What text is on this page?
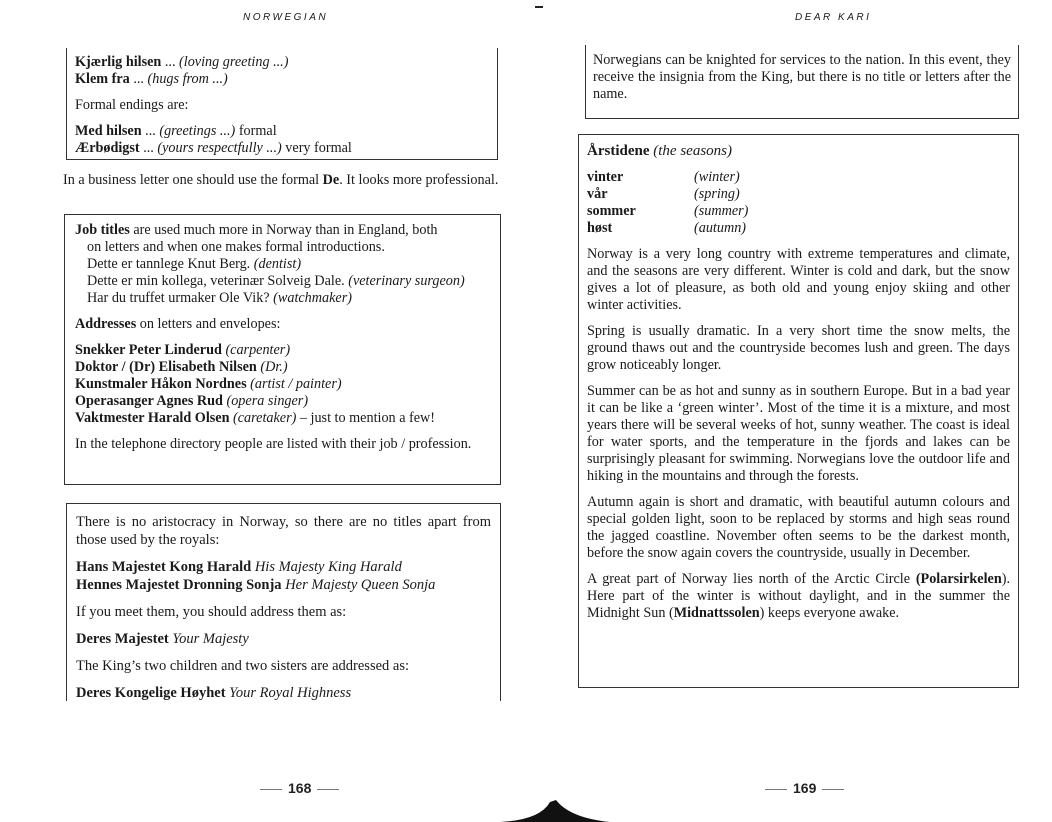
NORWEGIAN

Kjærlig hilsen ... (loving greeting ...)

Klem fra ... (hugs from ...)

Formal endings are:

Med hilsen ... (greetings ...) formal

Ærbødigst ... (yours respectfully ...) very formal

In a business letter one should use the formal De. It looks more professional.

Job titles are used much more in Norway than in England, both

on letters and when one makes formal introductions.

Dette er tannlege Knut Berg. (dentist)

Dette er min kollega, veterinær Solveig Dale. (veterinary surgeon)

Har du truffet urmaker Ole Vik? (watchmaker)

Addresses on letters and envelopes:

Snekker Peter Linderud (carpenter)

Doktor / (Dr) Elisabeth Nilsen (Dr.)

Kunstmaler Håkon Nordnes (artist / painter)

Operasanger Agnes Rud (opera singer)

Vaktmester Harald Olsen (caretaker) – just to mention a few!

In the telephone directory people are listed with their job / profession.

There is no aristocracy in Norway, so there are no titles apart from those used by the royals:

Hans Majestet Kong Harald His Majesty King Harald

Hennes Majestet Dronning Sonja Her Majesty Queen Sonja

If you meet them, you should address them as:

Deres Majestet Your Majesty

The King’s two children and two sisters are addressed as:

Deres Kongelige Høyhet Your Royal Highness

168
DEAR KARI

Norwegians can be knighted for services to the nation. In this event, they receive the insignia from the King, but there is no title or letters after the name.

Årstidene (the seasons)

vinter	(winter)
vår	(spring)
sommer	(summer)
høst	(autumn)

Norway is a very long country with extreme temperatures and climate, and the seasons are very different. Winter is cold and dark, but the snow gives a lot of pleasure, as both old and young enjoy skiing and other winter activities.

Spring is usually dramatic. In a very short time the snow melts, the ground thaws out and the countryside becomes lush and green. The days grow noticeably longer.

Summer can be as hot and sunny as in southern Europe. But in a bad year it can be like a ‘green winter’. Most of the time it is a mixture, and most years there will be several weeks of hot, sunny weather. The coast is ideal for water sports, and the temperature in the fjords and lakes can be surprisingly pleasant for swimming. Norwegians love the outdoor life and hiking in the mountains and through the forests.

Autumn again is short and dramatic, with beautiful autumn colours and special golden light, soon to be replaced by storms and high seas round the jagged coastline. November often seems to be the darkest month, before the snow again covers the countryside, usually in December.

A great part of Norway lies north of the Arctic Circle (Polarsirkelen). Here part of the winter is without daylight, and in the summer the Midnight Sun (Midnattssolen) keeps everyone awake.

169
